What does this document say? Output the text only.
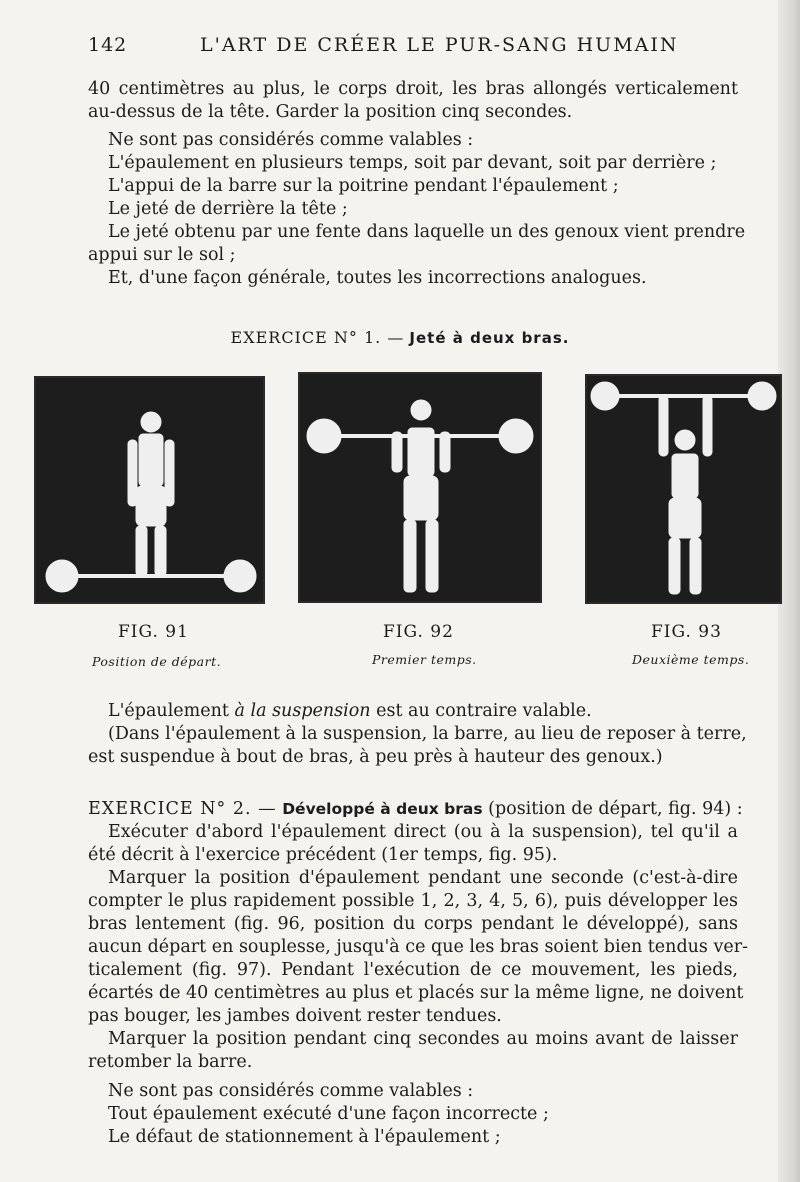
142	L'ART DE CRÉER LE PUR-SANG HUMAIN
40 centimètres au plus, le corps droit, les bras allongés verticalement
au-dessus de la tête. Garder la position cinq secondes.
Ne sont pas considérés comme valables :
L'épaulement en plusieurs temps, soit par devant, soit par derrière ;
L'appui de la barre sur la poitrine pendant l'épaulement ;
Le jeté de derrière la tête ;
Le jeté obtenu par une fente dans laquelle un des genoux vient prendre
appui sur le sol ;
Et, d'une façon générale, toutes les incorrections analogues.
EXERCICE N° 1. — Jeté à deux bras.
FIG. 91	FIG. 92	FIG. 93
Position de départ.	Premier temps.	Deuxième temps.
L'épaulement à la suspension est au contraire valable.
(Dans l'épaulement à la suspension, la barre, au lieu de reposer à terre,
est suspendue à bout de bras, à peu près à hauteur des genoux.)
EXERCICE N° 2. — Développé à deux bras (position de départ, fig. 94) :
Exécuter d'abord l'épaulement direct (ou à la suspension), tel qu'il a
été décrit à l'exercice précédent (1er temps, fig. 95).
Marquer la position d'épaulement pendant une seconde (c'est-à-dire
compter le plus rapidement possible 1, 2, 3, 4, 5, 6), puis développer les
bras lentement (fig. 96, position du corps pendant le développé), sans
aucun départ en souplesse, jusqu'à ce que les bras soient bien tendus ver-
ticalement (fig. 97). Pendant l'exécution de ce mouvement, les pieds,
écartés de 40 centimètres au plus et placés sur la même ligne, ne doivent
pas bouger, les jambes doivent rester tendues.
Marquer la position pendant cinq secondes au moins avant de laisser
retomber la barre.
Ne sont pas considérés comme valables :
Tout épaulement exécuté d'une façon incorrecte ;
Le défaut de stationnement à l'épaulement ;
